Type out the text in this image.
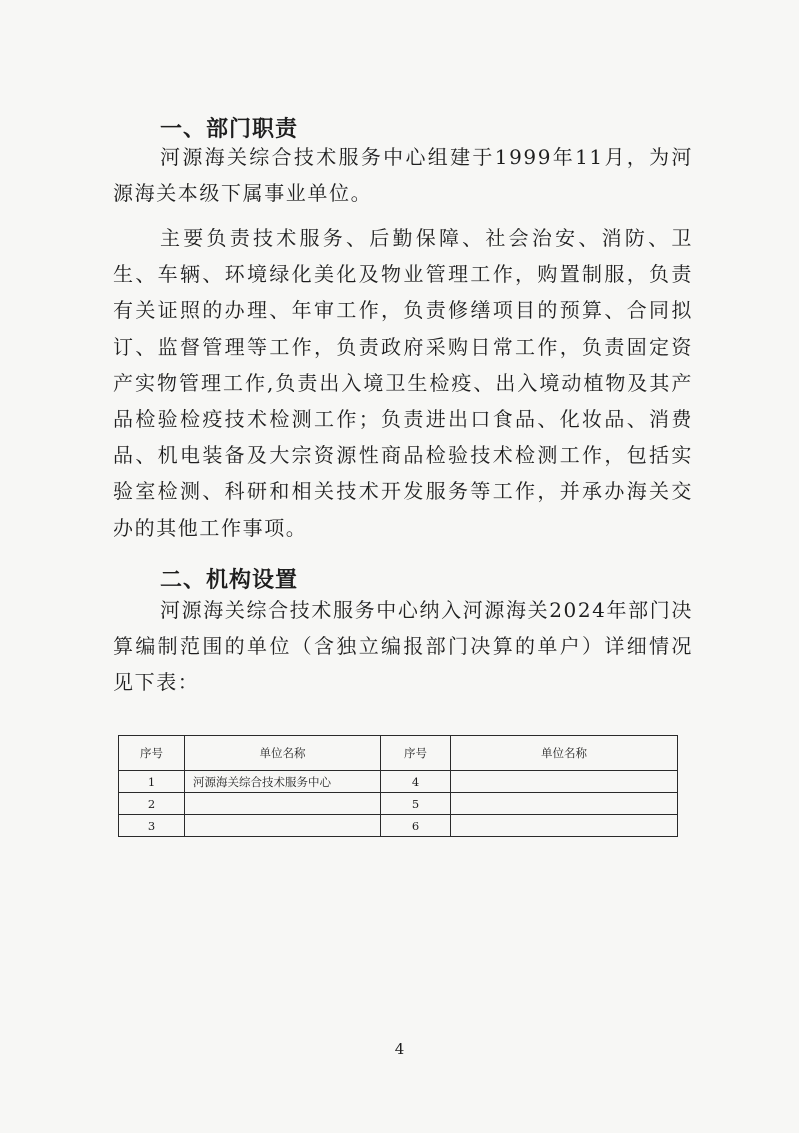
一、部门职责

河源海关综合技术服务中心组建于1999年11月，为河源海关本级下属事业单位。

主要负责技术服务、后勤保障、社会治安、消防、卫生、车辆、环境绿化美化及物业管理工作，购置制服，负责有关证照的办理、年审工作，负责修缮项目的预算、合同拟订、监督管理等工作，负责政府采购日常工作，负责固定资产实物管理工作,负责出入境卫生检疫、出入境动植物及其产品检验检疫技术检测工作；负责进出口食品、化妆品、消费品、机电装备及大宗资源性商品检验技术检测工作，包括实验室检测、科研和相关技术开发服务等工作，并承办海关交办的其他工作事项。

二、机构设置

河源海关综合技术服务中心纳入河源海关2024年部门决算编制范围的单位（含独立编报部门决算的单户）详细情况见下表：

序号	单位名称	序号	单位名称
1	河源海关综合技术服务中心	4	
2		5	
3		6	
4
